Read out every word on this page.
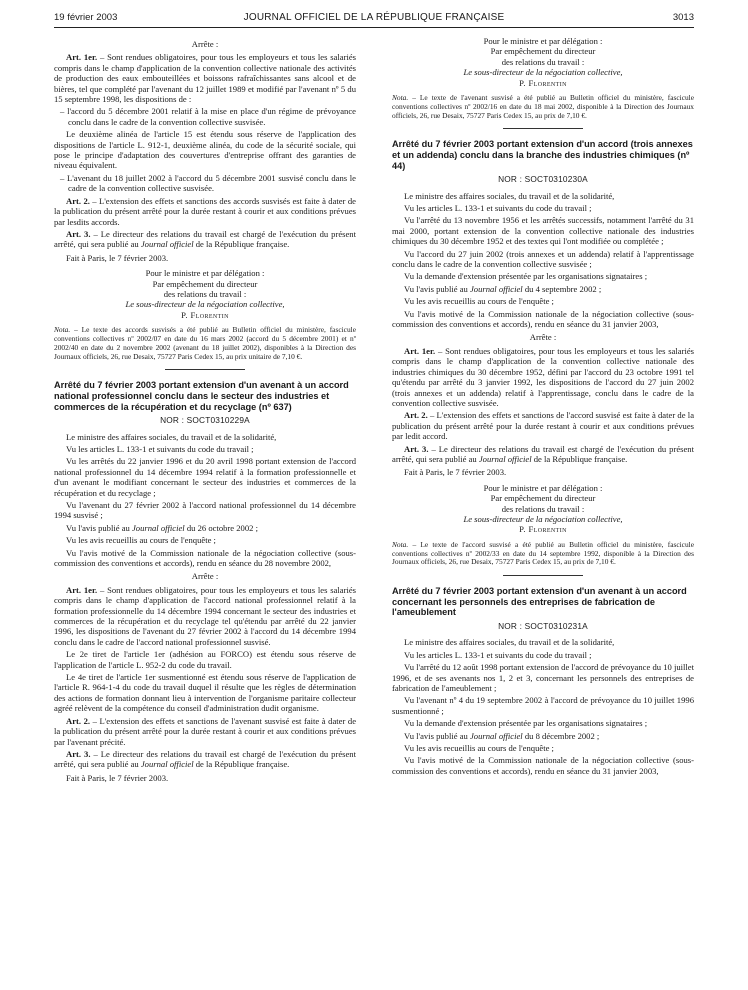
19 février 2003	JOURNAL OFFICIEL DE LA RÉPUBLIQUE FRANÇAISE	3013

Arrête :

Art. 1er. – Sont rendues obligatoires, pour tous les employeurs et tous les salariés compris dans le champ d'application de la convention collective nationale des activités de production des eaux embouteillées et boissons rafraîchissantes sans alcool et de bières, tel que complété par l'avenant du 12 juillet 1989 et modifié par l'avenant nº 5 du 15 septembre 1998, les dispositions de :

– l'accord du 5 décembre 2001 relatif à la mise en place d'un régime de prévoyance conclu dans le cadre de la convention collective susvisée.

Le deuxième alinéa de l'article 15 est étendu sous réserve de l'application des dispositions de l'article L. 912-1, deuxième alinéa, du code de la sécurité sociale, qui pose le principe d'adaptation des couvertures d'entreprise offrant des garanties de niveau équivalent.

– L'avenant du 18 juillet 2002 à l'accord du 5 décembre 2001 susvisé conclu dans le cadre de la convention collective susvisée.

Art. 2. – L'extension des effets et sanctions des accords susvisés est faite à dater de la publication du présent arrêté pour la durée restant à courir et aux conditions prévues par lesdits accords.

Art. 3. – Le directeur des relations du travail est chargé de l'exécution du présent arrêté, qui sera publié au Journal officiel de la République française.

Fait à Paris, le 7 février 2003.

Pour le ministre et par délégation :

Par empêchement du directeur

des relations du travail :

Le sous-directeur de la négociation collective,

P. Florentin

Nota. – Le texte des accords susvisés a été publié au Bulletin officiel du ministère, fascicule conventions collectives nº 2002/07 en date du 16 mars 2002 (accord du 5 décembre 2001) et nº 2002/40 en date du 2 novembre 2002 (avenant du 18 juillet 2002), disponibles à la Direction des Journaux officiels, 26, rue Desaix, 75727 Paris Cedex 15, au prix unitaire de 7,10 €.

Arrêté du 7 février 2003 portant extension d'un avenant à un accord national professionnel conclu dans le secteur des industries et commerces de la récupération et du recyclage (nº 637)

NOR : SOCT0310229A

Le ministre des affaires sociales, du travail et de la solidarité,

Vu les articles L. 133-1 et suivants du code du travail ;

Vu les arrêtés du 22 janvier 1996 et du 20 avril 1998 portant extension de l'accord national professionnel du 14 décembre 1994 relatif à la formation professionnelle et d'un avenant le modifiant concernant le secteur des industries et commerces de la récupération et du recyclage ;

Vu l'avenant du 27 février 2002 à l'accord national professionnel du 14 décembre 1994 susvisé ;

Vu l'avis publié au Journal officiel du 26 octobre 2002 ;

Vu les avis recueillis au cours de l'enquête ;

Vu l'avis motivé de la Commission nationale de la négociation collective (sous-commission des conventions et accords), rendu en séance du 28 novembre 2002,

Arrête :

Art. 1er. – Sont rendues obligatoires, pour tous les employeurs et tous les salariés compris dans le champ d'application de l'accord national professionnel relatif à la formation professionnelle du 14 décembre 1994 concernant le secteur des industries et commerces de la récupération et du recyclage tel qu'étendu par arrêté du 22 janvier 1996, les dispositions de l'avenant du 27 février 2002 à l'accord du 14 décembre 1994 conclu dans le cadre de l'accord national professionnel susvisé.

Le 2e tiret de l'article 1er (adhésion au FORCO) est étendu sous réserve de l'application de l'article L. 952-2 du code du travail.

Le 4e tiret de l'article 1er susmentionné est étendu sous réserve de l'application de l'article R. 964-1-4 du code du travail duquel il résulte que les règles de détermination des actions de formation donnant lieu à intervention de l'organisme paritaire collecteur agréé relèvent de la compétence du conseil d'administration dudit organisme.

Art. 2. – L'extension des effets et sanctions de l'avenant susvisé est faite à dater de la publication du présent arrêté pour la durée restant à courir et aux conditions prévues par l'avenant précité.

Art. 3. – Le directeur des relations du travail est chargé de l'exécution du présent arrêté, qui sera publié au Journal officiel de la République française.

Fait à Paris, le 7 février 2003.

Pour le ministre et par délégation :

Par empêchement du directeur

des relations du travail :

Le sous-directeur de la négociation collective,

P. Florentin

Nota. – Le texte de l'avenant susvisé a été publié au Bulletin officiel du ministère, fascicule conventions collectives nº 2002/16 en date du 18 mai 2002, disponible à la Direction des Journaux officiels, 26, rue Desaix, 75727 Paris Cedex 15, au prix de 7,10 €.

Arrêté du 7 février 2003 portant extension d'un accord (trois annexes et un addenda) conclu dans la branche des industries chimiques (nº 44)

NOR : SOCT0310230A

Le ministre des affaires sociales, du travail et de la solidarité,

Vu les articles L. 133-1 et suivants du code du travail ;

Vu l'arrêté du 13 novembre 1956 et les arrêtés successifs, notamment l'arrêté du 31 mai 2000, portant extension de la convention collective nationale des industries chimiques du 30 décembre 1952 et des textes qui l'ont modifiée ou complétée ;

Vu l'accord du 27 juin 2002 (trois annexes et un addenda) relatif à l'apprentissage conclu dans le cadre de la convention collective susvisée ;

Vu la demande d'extension présentée par les organisations signataires ;

Vu l'avis publié au Journal officiel du 4 septembre 2002 ;

Vu les avis recueillis au cours de l'enquête ;

Vu l'avis motivé de la Commission nationale de la négociation collective (sous-commission des conventions et accords), rendu en séance du 31 janvier 2003,

Arrête :

Art. 1er. – Sont rendues obligatoires, pour tous les employeurs et tous les salariés compris dans le champ d'application de la convention collective nationale des industries chimiques du 30 décembre 1952, défini par l'accord du 23 octobre 1991 tel qu'étendu par arrêté du 3 janvier 1992, les dispositions de l'accord du 27 juin 2002 (trois annexes et un addenda) relatif à l'apprentissage, conclu dans le cadre de la convention collective susvisée.

Art. 2. – L'extension des effets et sanctions de l'accord susvisé est faite à dater de la publication du présent arrêté pour la durée restant à courir et aux conditions prévues par ledit accord.

Art. 3. – Le directeur des relations du travail est chargé de l'exécution du présent arrêté, qui sera publié au Journal officiel de la République française.

Fait à Paris, le 7 février 2003.

Pour le ministre et par délégation :

Par empêchement du directeur

des relations du travail :

Le sous-directeur de la négociation collective,

P. Florentin

Nota. – Le texte de l'accord susvisé a été publié au Bulletin officiel du ministère, fascicule conventions collectives nº 2002/33 en date du 14 septembre 1992, disponible à la Direction des Journaux officiels, 26, rue Desaix, 75727 Paris Cedex 15, au prix de 7,10 €.

Arrêté du 7 février 2003 portant extension d'un avenant à un accord concernant les personnels des entreprises de fabrication de l'ameublement

NOR : SOCT0310231A

Le ministre des affaires sociales, du travail et de la solidarité,

Vu les articles L. 133-1 et suivants du code du travail ;

Vu l'arrêté du 12 août 1998 portant extension de l'accord de prévoyance du 10 juillet 1996, et de ses avenants nos 1, 2 et 3, concernant les personnels des entreprises de fabrication de l'ameublement ;

Vu l'avenant nº 4 du 19 septembre 2002 à l'accord de prévoyance du 10 juillet 1996 susmentionné ;

Vu la demande d'extension présentée par les organisations signataires ;

Vu l'avis publié au Journal officiel du 8 décembre 2002 ;

Vu les avis recueillis au cours de l'enquête ;

Vu l'avis motivé de la Commission nationale de la négociation collective (sous-commission des conventions et accords), rendu en séance du 31 janvier 2003,
